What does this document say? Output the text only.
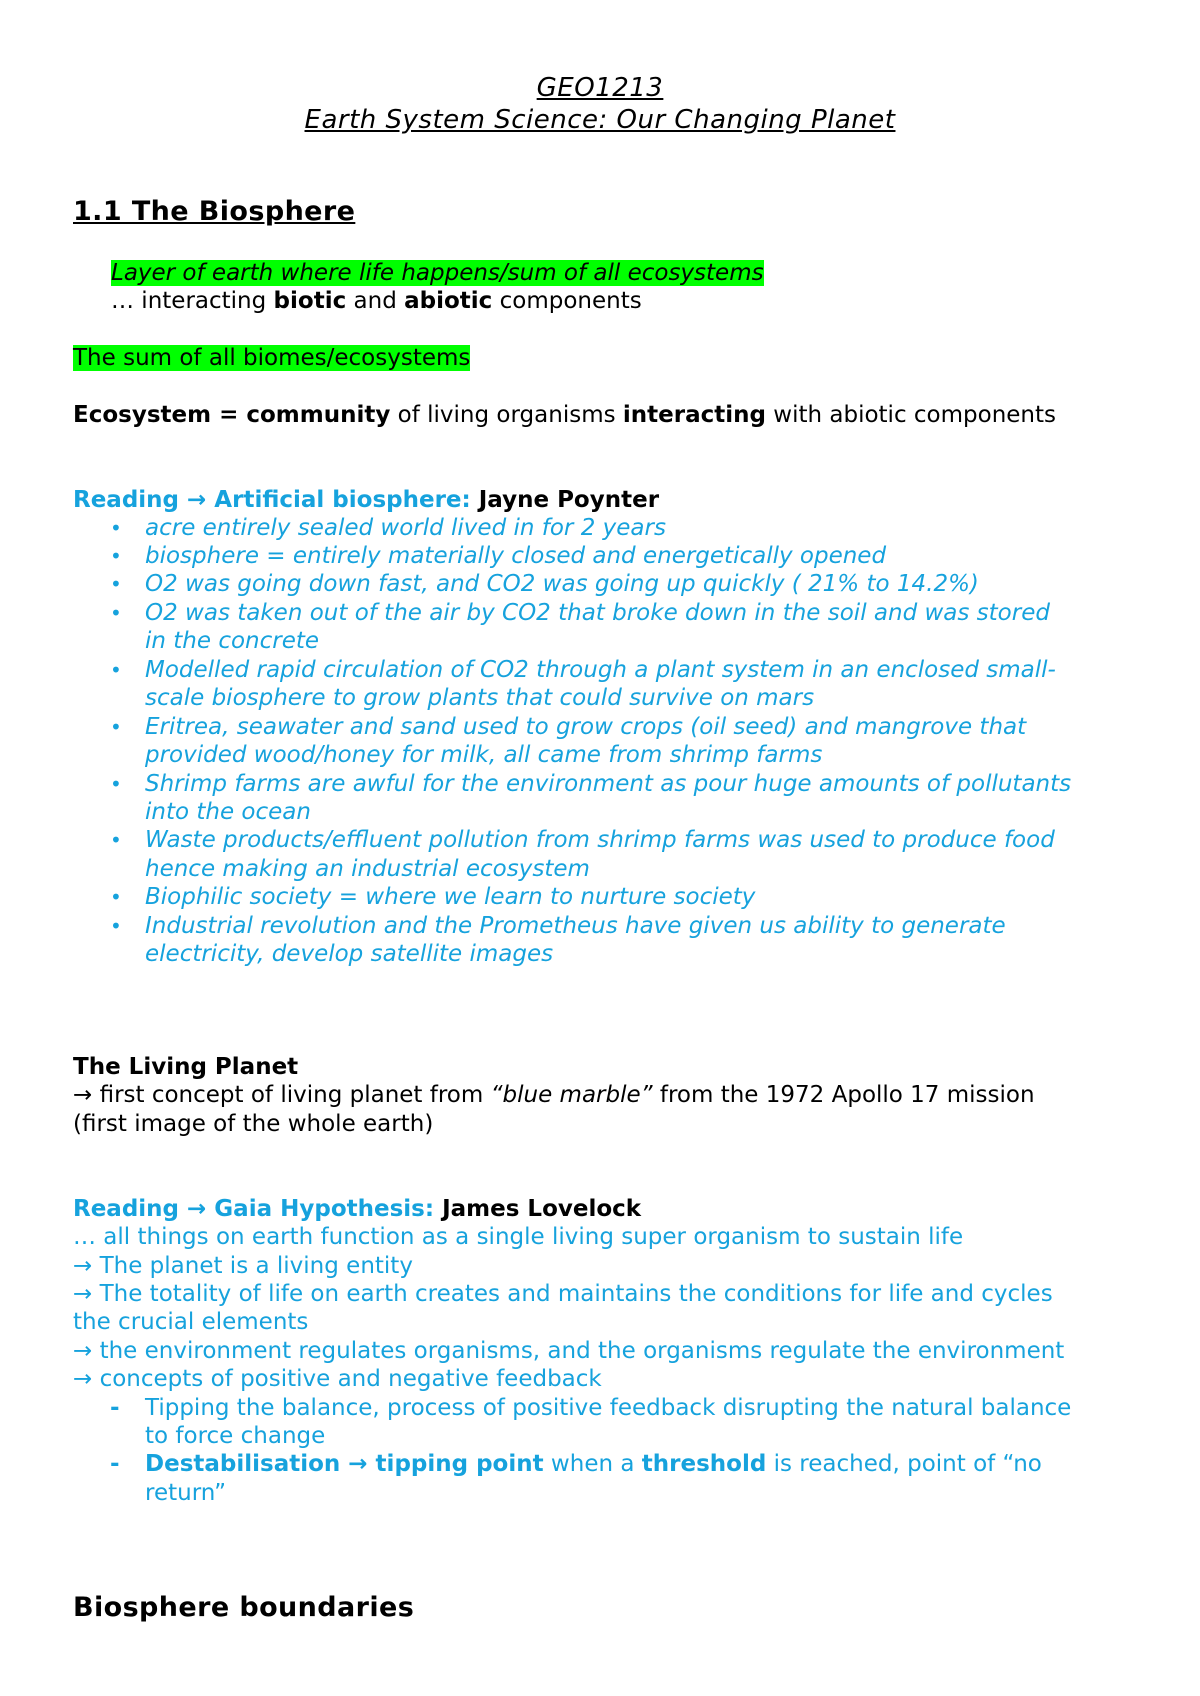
GEO1213
Earth System Science: Our Changing Planet
1.1 The Biosphere
Layer of earth where life happens/sum of all ecosystems
… interacting biotic and abiotic components
The sum of all biomes/ecosystems
Ecosystem = community of living organisms interacting with abiotic components
Reading → Artificial biosphere: Jayne Poynter
• acre entirely sealed world lived in for 2 years
• biosphere = entirely materially closed and energetically opened
• O2 was going down fast, and CO2 was going up quickly ( 21% to 14.2%)
• O2 was taken out of the air by CO2 that broke down in the soil and was stored
in the concrete
• Modelled rapid circulation of CO2 through a plant system in an enclosed small-
scale biosphere to grow plants that could survive on mars
• Eritrea, seawater and sand used to grow crops (oil seed) and mangrove that
provided wood/honey for milk, all came from shrimp farms
• Shrimp farms are awful for the environment as pour huge amounts of pollutants
into the ocean
• Waste products/effluent pollution from shrimp farms was used to produce food
hence making an industrial ecosystem
• Biophilic society = where we learn to nurture society
• Industrial revolution and the Prometheus have given us ability to generate
electricity, develop satellite images
The Living Planet
→ first concept of living planet from “blue marble” from the 1972 Apollo 17 mission
(first image of the whole earth)
Reading → Gaia Hypothesis: James Lovelock
… all things on earth function as a single living super organism to sustain life
→ The planet is a living entity
→ The totality of life on earth creates and maintains the conditions for life and cycles
the crucial elements
→ the environment regulates organisms, and the organisms regulate the environment
→ concepts of positive and negative feedback
- Tipping the balance, process of positive feedback disrupting the natural balance
to force change
- Destabilisation → tipping point when a threshold is reached, point of “no
return”
Biosphere boundaries
